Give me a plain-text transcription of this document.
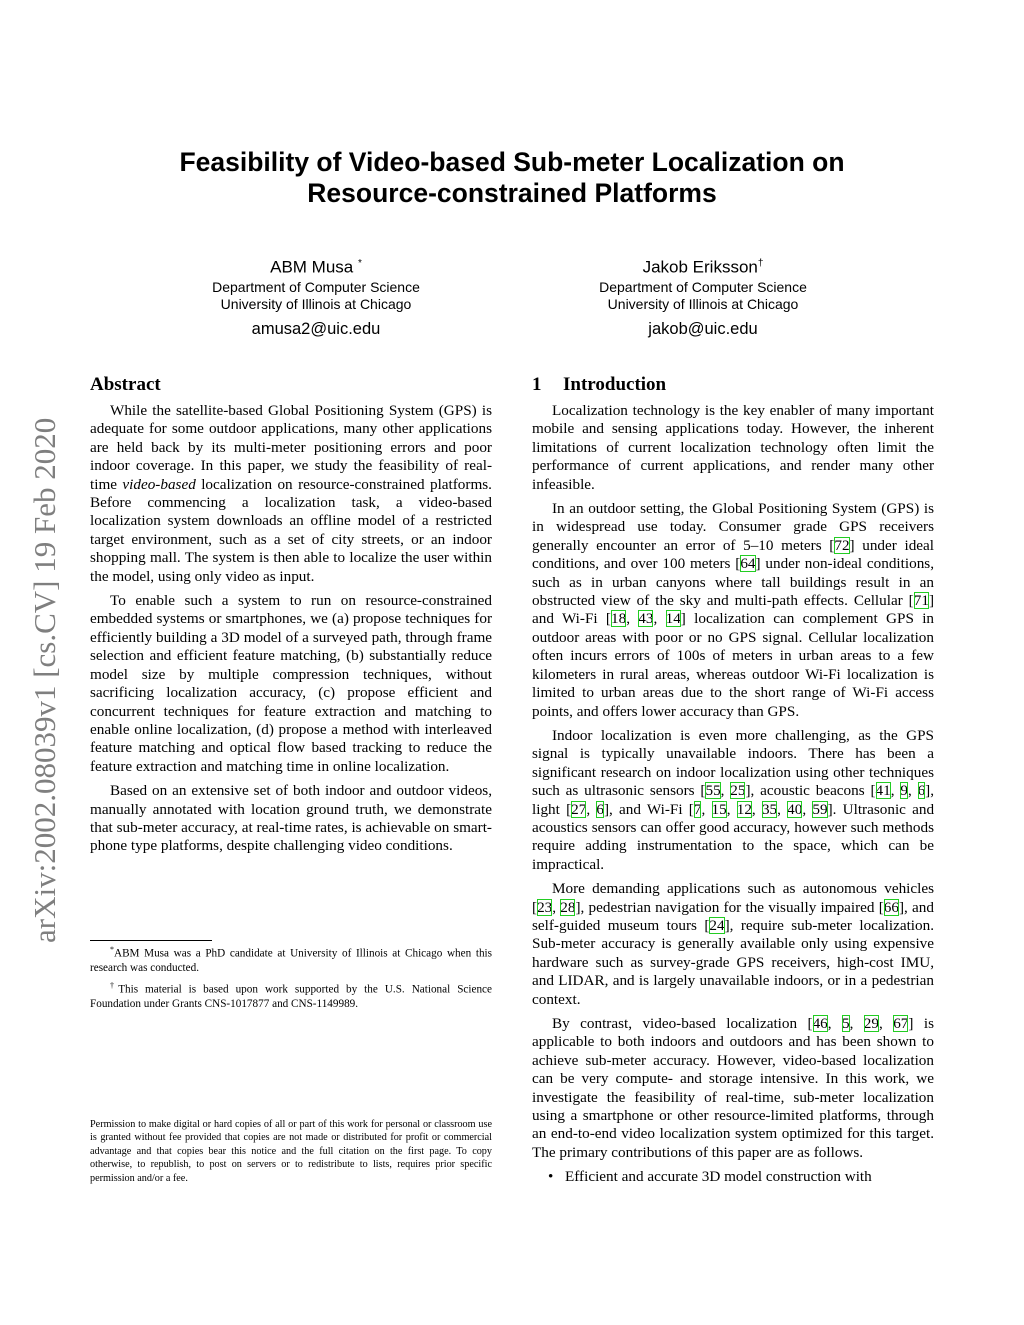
Feasibility of Video-based Sub-meter Localization on
Resource-constrained Platforms
ABM Musa *
Department of Computer Science
University of Illinois at Chicago
amusa2@uic.edu
Jakob Eriksson†
Department of Computer Science
University of Illinois at Chicago
jakob@uic.edu
arXiv:2002.08039v1 [cs.CV] 19 Feb 2020
Abstract

While the satellite-based Global Positioning System (GPS) is adequate for some outdoor applications, many other applications are held back by its multi-meter positioning errors and poor indoor coverage. In this paper, we study the feasibility of real-time video-based localization on resource-constrained platforms. Before commencing a localization task, a video-based localization system downloads an offline model of a restricted target environment, such as a set of city streets, or an indoor shopping mall. The system is then able to localize the user within the model, using only video as input.

To enable such a system to run on resource-constrained embedded systems or smartphones, we (a) propose techniques for efficiently building a 3D model of a surveyed path, through frame selection and efficient feature matching, (b) substantially reduce model size by multiple compression techniques, without sacrificing localization accuracy, (c) propose efficient and concurrent techniques for feature extraction and matching to enable online localization, (d) propose a method with interleaved feature matching and optical flow based tracking to reduce the feature extraction and matching time in online localization.

Based on an extensive set of both indoor and outdoor videos, manually annotated with location ground truth, we demonstrate that sub-meter accuracy, at real-time rates, is achievable on smart-phone type platforms, despite challenging video conditions.

*ABM Musa was a PhD candidate at University of Illinois at Chicago when this research was conducted.
†This material is based upon work supported by the U.S. National Science Foundation under Grants CNS-1017877 and CNS-1149989.
Permission to make digital or hard copies of all or part of this work for personal or classroom use is granted without fee provided that copies are not made or distributed for profit or commercial advantage and that copies bear this notice and the full citation on the first page. To copy otherwise, to republish, to post on servers or to redistribute to lists, requires prior specific permission and/or a fee.
1 Introduction

Localization technology is the key enabler of many important mobile and sensing applications today. However, the inherent limitations of current localization technology often limit the performance of current applications, and render many other infeasible.

In an outdoor setting, the Global Positioning System (GPS) is in widespread use today. Consumer grade GPS receivers generally encounter an error of 5–10 meters [72] under ideal conditions, and over 100 meters [64] under non-ideal conditions, such as in urban canyons where tall buildings result in an obstructed view of the sky and multi-path effects. Cellular [71] and Wi-Fi [18, 43, 14] localization can complement GPS in outdoor areas with poor or no GPS signal. Cellular localization often incurs errors of 100s of meters in urban areas to a few kilometers in rural areas, whereas outdoor Wi-Fi localization is limited to urban areas due to the short range of Wi-Fi access points, and offers lower accuracy than GPS.

Indoor localization is even more challenging, as the GPS signal is typically unavailable indoors. There has been a significant research on indoor localization using other techniques such as ultrasonic sensors [55, 25], acoustic beacons [41, 9, 6], light [27, 6], and Wi-Fi [7, 15, 12, 35, 40, 59]. Ultrasonic and acoustics sensors can offer good accuracy, however such methods require adding instrumentation to the space, which can be impractical.

More demanding applications such as autonomous vehicles [23, 28], pedestrian navigation for the visually impaired [66], and self-guided museum tours [24], require sub-meter localization. Sub-meter accuracy is generally available only using expensive hardware such as survey-grade GPS receivers, high-cost IMU, and LIDAR, and is largely unavailable indoors, or in a pedestrian context.

By contrast, video-based localization [46, 5, 29, 67] is applicable to both indoors and outdoors and has been shown to achieve sub-meter accuracy. However, video-based localization can be very compute- and storage intensive. In this work, we investigate the feasibility of real-time, sub-meter localization using a smartphone or other resource-limited platforms, through an end-to-end video localization system optimized for this target. The primary contributions of this paper are as follows.

• Efficient and accurate 3D model construction with
